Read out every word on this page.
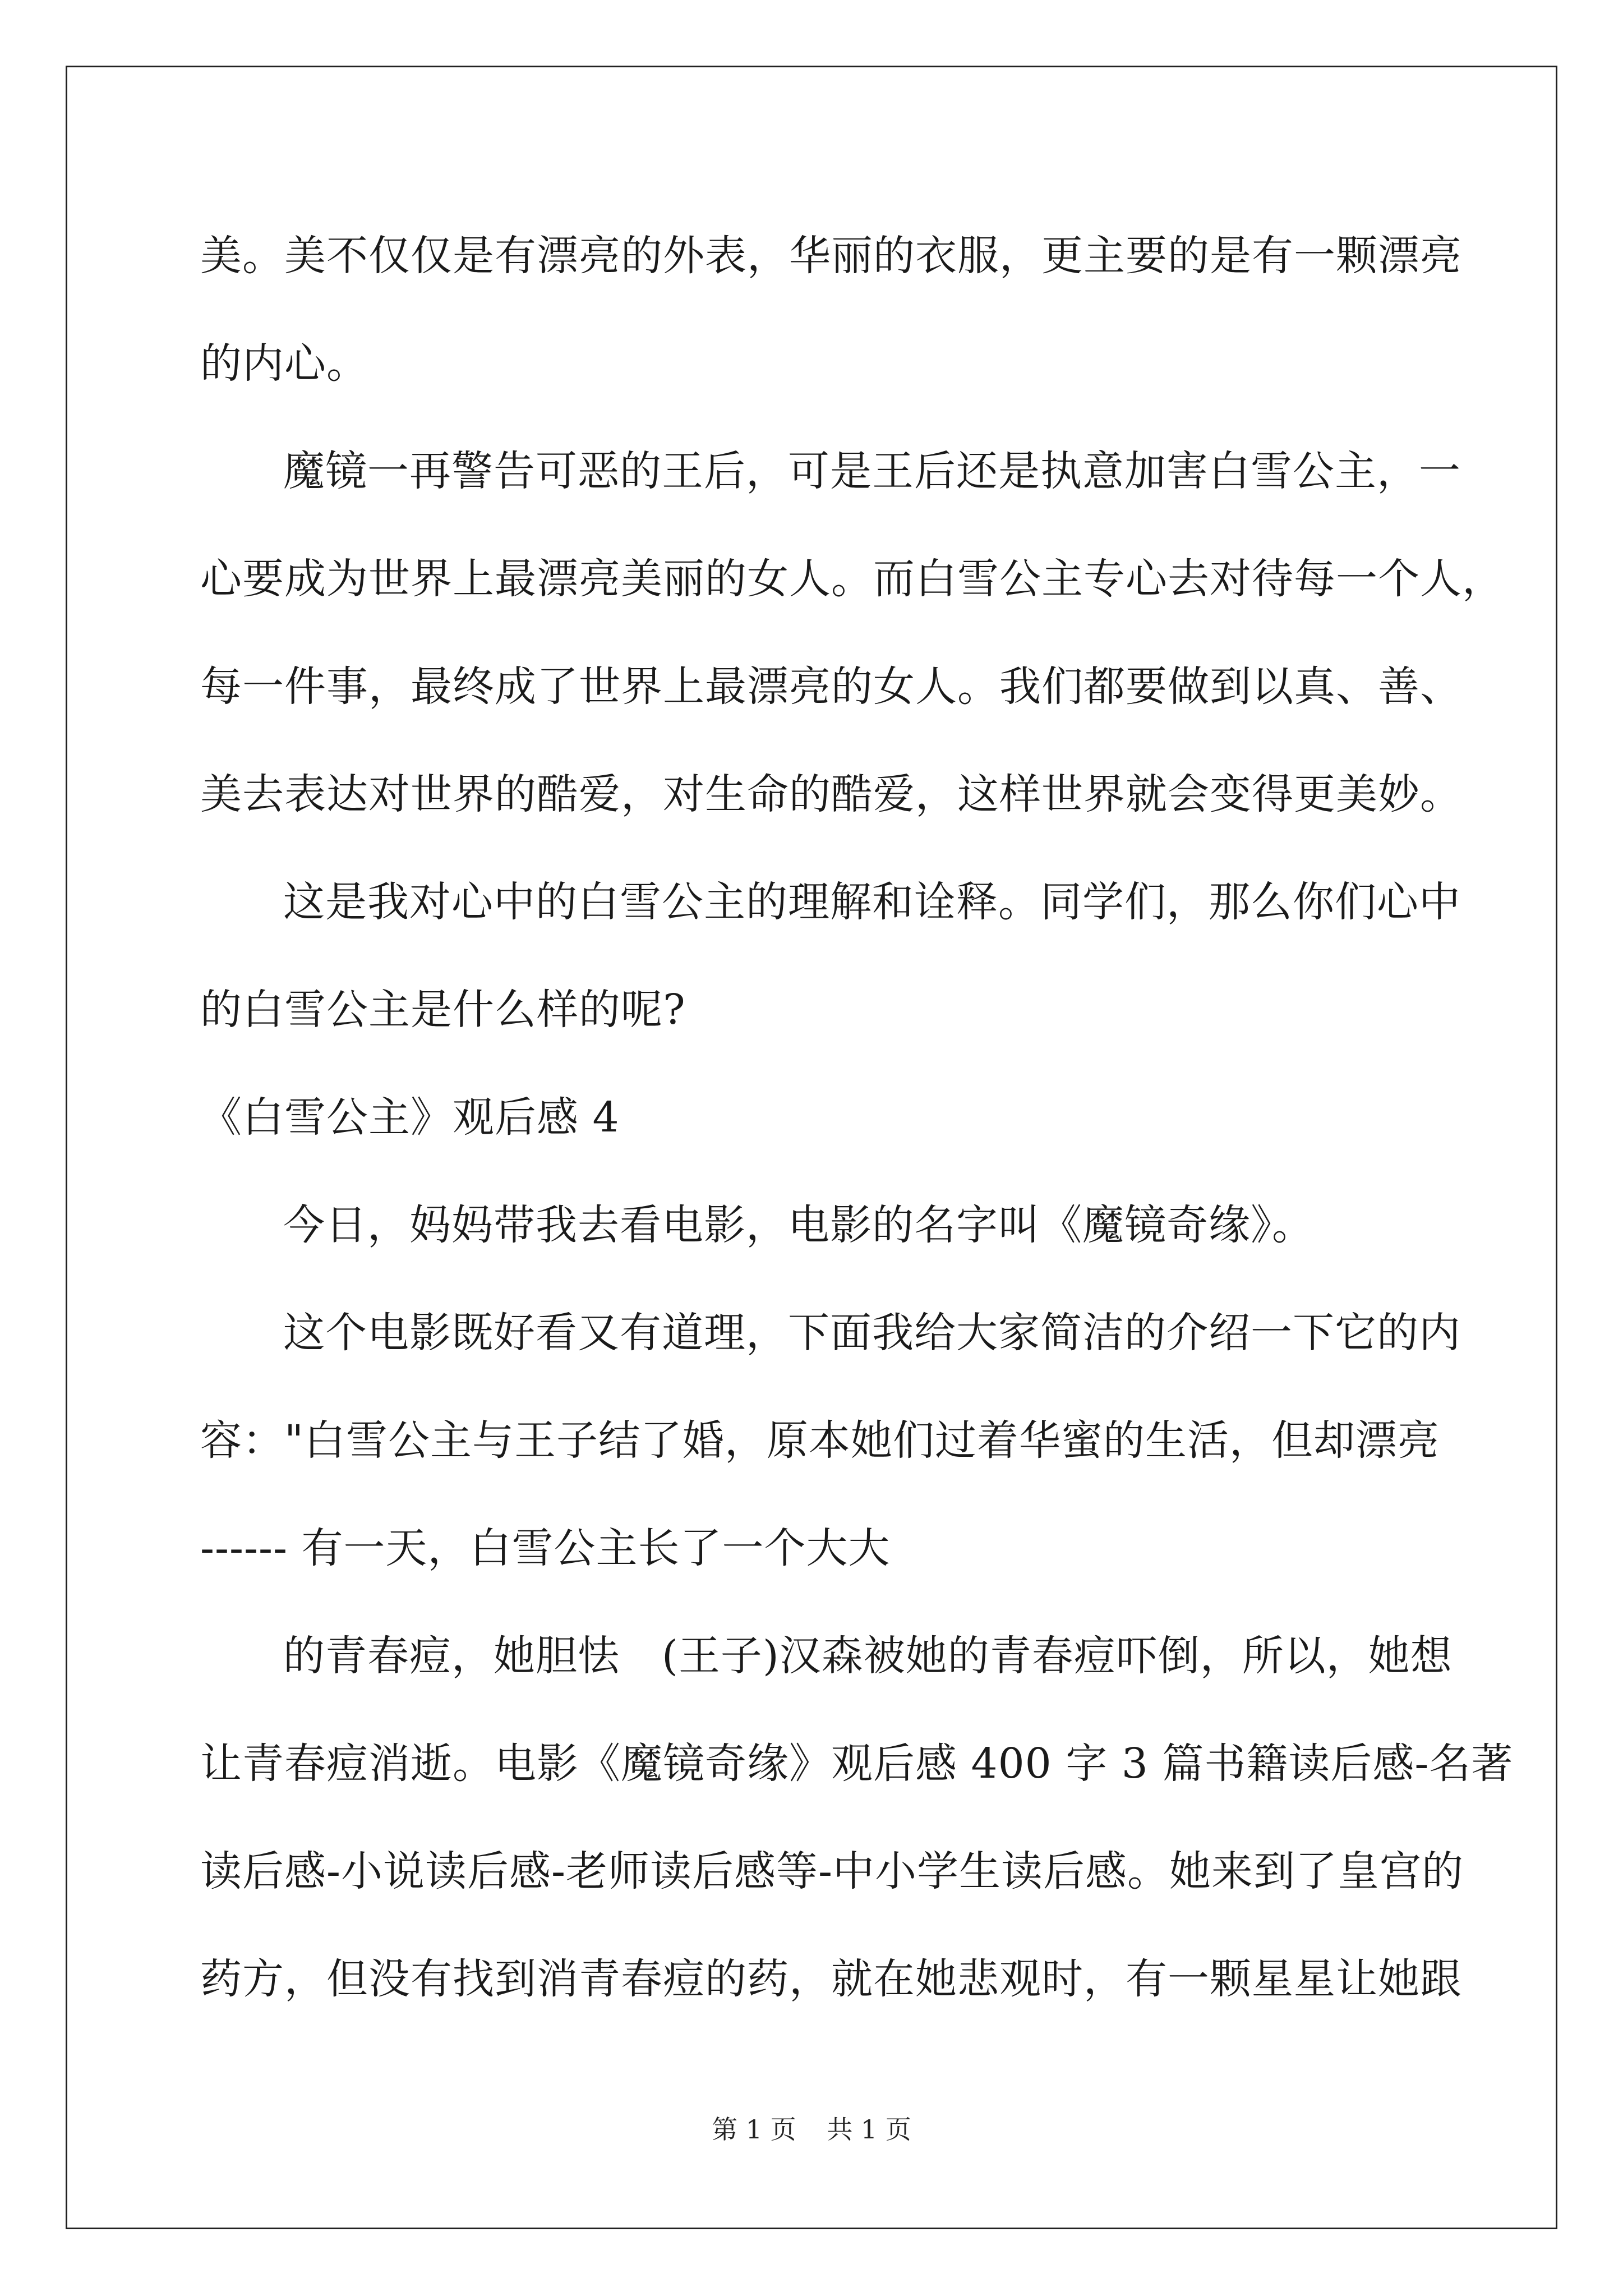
美。美不仅仅是有漂亮的外表，华丽的衣服，更主要的是有一颗漂亮
的内心。
魔镜一再警告可恶的王后，可是王后还是执意加害白雪公主，一
心要成为世界上最漂亮美丽的女人。而白雪公主专心去对待每一个人，
每一件事，最终成了世界上最漂亮的女人。我们都要做到以真、善、
美去表达对世界的酷爱，对生命的酷爱，这样世界就会变得更美妙。
这是我对心中的白雪公主的理解和诠释。同学们，那么你们心中
的白雪公主是什么样的呢?
《白雪公主》观后感 4
今日，妈妈带我去看电影，电影的名字叫《魔镜奇缘》。
这个电影既好看又有道理，下面我给大家简洁的介绍一下它的内
容："白雪公主与王子结了婚，原本她们过着华蜜的生活，但却漂亮
------ 有一天，白雪公主长了一个大大
的青春痘，她胆怯　(王子)汉森被她的青春痘吓倒，所以，她想
让青春痘消逝。电影《魔镜奇缘》观后感 400 字 3 篇书籍读后感-名著
读后感-小说读后感-老师读后感等-中小学生读后感。她来到了皇宫的
药方，但没有找到消青春痘的药，就在她悲观时，有一颗星星让她跟
第 1 页 共 1 页
